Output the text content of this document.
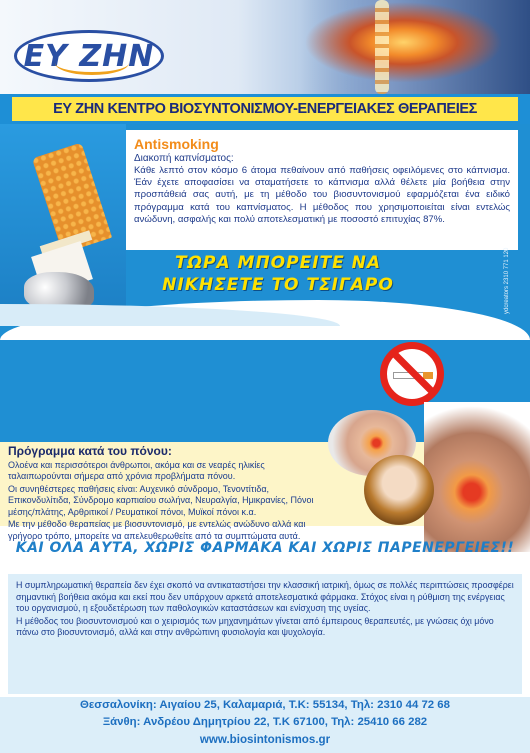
ΕΥ ΖΗΝ
ΕΥ ΖΗΝ ΚΕΝΤΡΟ ΒΙΟΣΥΝΤΟΝΙΣΜΟΥ-ΕΝΕΡΓΕΙΑΚΕΣ ΘΕΡΑΠΕΙΕΣ
Antismoking
Διακοπή καπνίσματος:
Κάθε λεπτό στον κόσμο 6 άτομα πεθαίνουν από παθήσεις οφειλόμενες στο κάπνισμα. Έάν έχετε αποφασίσει να σταματήσετε το κάπνισμα αλλά θέλετε μία βοήθεια στην προσπάθειά σας αυτή, με τη μέθοδο του βιοσυντονισμού εφαρμόζεται ένα ειδικό πρόγραμμα κατά του καπνίσματος. Η μέθοδος που χρησιμοποιείται είναι εντελώς ανώδυνη, ασφαλής και πολύ αποτελεσματική με ποσοστό επιτυχίας 87%.
ΤΩΡΑ ΜΠΟΡΕΙΤΕ ΝΑ
ΝΙΚΗΣΕΤΕ ΤΟ ΤΣΙΓΑΡΟ	ydcreators 2310 771 120
Πρόγραμμα κατά του πόνου:

Ολοένα και περισσότεροι άνθρωποι, ακόμα και σε νεαρές ηλικίες ταλαιπωρούνται σήμερα από χρόνια προβλήματα πόνου.

Οι συνηθέστερες παθήσεις είναι: Αυχενικό σύνδρομο, Τενοντίτιδα, Επικονδυλίτιδα, Σύνδρομο καρπιαίου σωλήνα, Νευραλγία, Ημικρανίες, Πόνοι μέσης/πλάτης, Αρθριτικοί / Ρευματικοί πόνοι, Μυϊκοί πόνοι κ.α.

Με την μέθοδο θεραπείας με βιοσυντονισμό, με εντελώς ανώδυνο αλλά και γρήγορο τρόπο, μπορείτε να απελευθερωθείτε από τα συμπτώματα αυτά.

ΚΑΙ ΟΛΑ ΑΥΤΑ, ΧΩΡΙΣ ΦΑΡΜΑΚΑ ΚΑΙ ΧΩΡΙΣ ΠΑΡΕΝΕΡΓΕΙΕΣ!!

Η συμπληρωματική θεραπεία δεν έχει σκοπό να αντικαταστήσει την κλασσική ιατρική, όμως σε πολλές περιπτώσεις προσφέρει σημαντική βοήθεια ακόμα και εκεί που δεν υπάρχουν αρκετά αποτελεσματικά φάρμακα. Στόχος είναι η ρύθμιση της ενέργειας του οργανισμού, η εξουδετέρωση των παθολογικών καταστάσεων και ενίσχυση της υγείας.

Η μέθοδος του βιοσυντονισμού και ο χειρισμός των μηχανημάτων γίνεται από έμπειρους θεραπευτές, με γνώσεις όχι μόνο πάνω στο βιοσυντονισμό, αλλά και στην ανθρώπινη φυσιολογία και ψυχολογία.

Θεσσαλονίκη: Αιγαίου 25, Καλαμαριά, Τ.Κ: 55134, Τηλ: 2310 44 72 68
Ξάνθη: Ανδρέου Δημητρίου 22, Τ.Κ 67100, Τηλ: 25410 66 282
www.biosintonismos.gr
